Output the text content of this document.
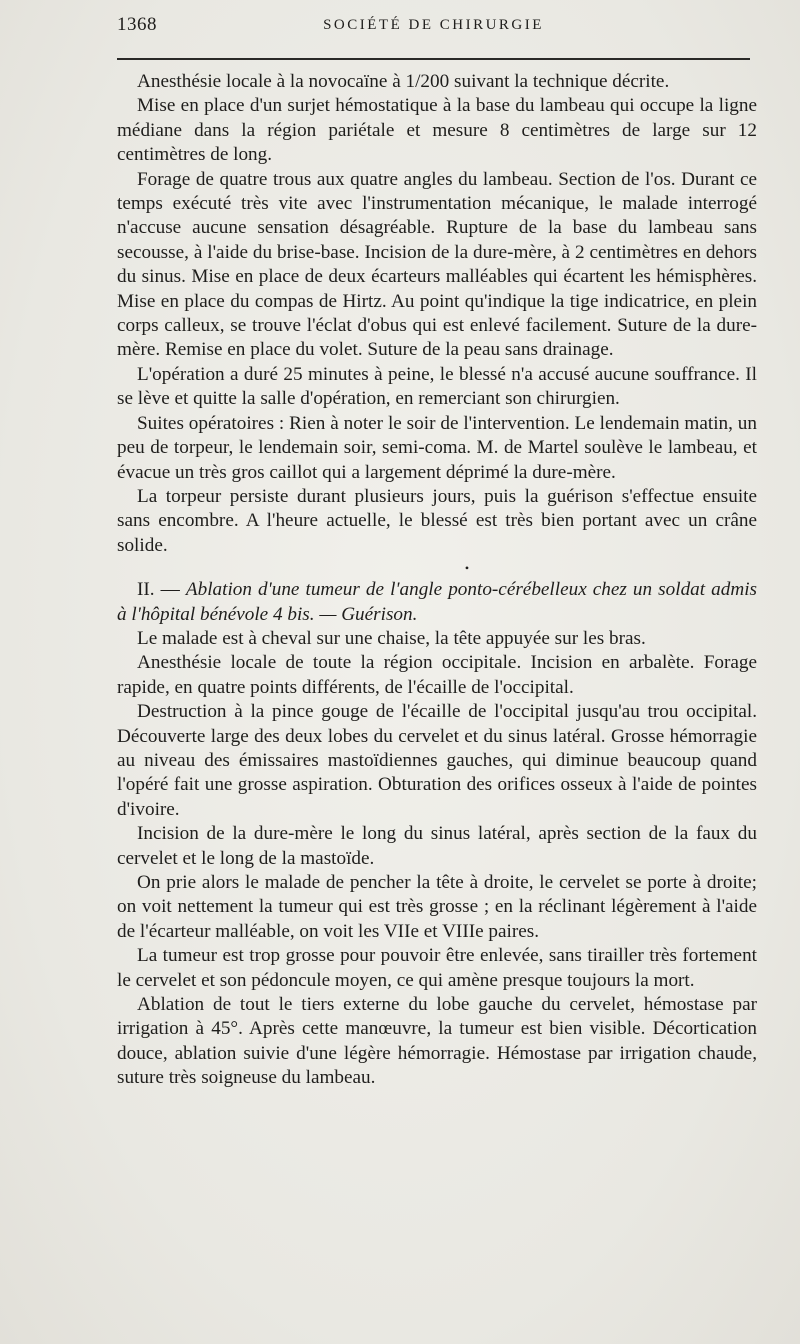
1368	SOCIÉTÉ DE CHIRURGIE

Anesthésie locale à la novocaïne à 1/200 suivant la technique décrite.

Mise en place d'un surjet hémostatique à la base du lambeau qui occupe la ligne médiane dans la région pariétale et mesure 8 centimètres de large sur 12 centimètres de long.

Forage de quatre trous aux quatre angles du lambeau. Section de l'os. Durant ce temps exécuté très vite avec l'instrumentation mécanique, le malade interrogé n'accuse aucune sensation désagréable. Rupture de la base du lambeau sans secousse, à l'aide du brise-base. Incision de la dure-mère, à 2 centimètres en dehors du sinus. Mise en place de deux écarteurs malléables qui écartent les hémisphères. Mise en place du compas de Hirtz. Au point qu'indique la tige indicatrice, en plein corps calleux, se trouve l'éclat d'obus qui est enlevé facilement. Suture de la dure-mère. Remise en place du volet. Suture de la peau sans drainage.

L'opération a duré 25 minutes à peine, le blessé n'a accusé aucune souffrance. Il se lève et quitte la salle d'opération, en remerciant son chirurgien.

Suites opératoires : Rien à noter le soir de l'intervention. Le lendemain matin, un peu de torpeur, le lendemain soir, semi-coma. M. de Martel soulève le lambeau, et évacue un très gros caillot qui a largement déprimé la dure-mère.

La torpeur persiste durant plusieurs jours, puis la guérison s'effectue ensuite sans encombre. A l'heure actuelle, le blessé est très bien portant avec un crâne solide.

•

II. — Ablation d'une tumeur de l'angle ponto-cérébelleux chez un soldat admis à l'hôpital bénévole 4 bis. — Guérison.

Le malade est à cheval sur une chaise, la tête appuyée sur les bras.

Anesthésie locale de toute la région occipitale. Incision en arbalète. Forage rapide, en quatre points différents, de l'écaille de l'occipital.

Destruction à la pince gouge de l'écaille de l'occipital jusqu'au trou occipital. Découverte large des deux lobes du cervelet et du sinus latéral. Grosse hémorragie au niveau des émissaires mastoïdiennes gauches, qui diminue beaucoup quand l'opéré fait une grosse aspiration. Obturation des orifices osseux à l'aide de pointes d'ivoire.

Incision de la dure-mère le long du sinus latéral, après section de la faux du cervelet et le long de la mastoïde.

On prie alors le malade de pencher la tête à droite, le cervelet se porte à droite; on voit nettement la tumeur qui est très grosse ; en la réclinant légèrement à l'aide de l'écarteur malléable, on voit les VIIe et VIIIe paires.

La tumeur est trop grosse pour pouvoir être enlevée, sans tirailler très fortement le cervelet et son pédoncule moyen, ce qui amène presque toujours la mort.

Ablation de tout le tiers externe du lobe gauche du cervelet, hémostase par irrigation à 45°. Après cette manœuvre, la tumeur est bien visible. Décortication douce, ablation suivie d'une légère hémorragie. Hémostase par irrigation chaude, suture très soigneuse du lambeau.
